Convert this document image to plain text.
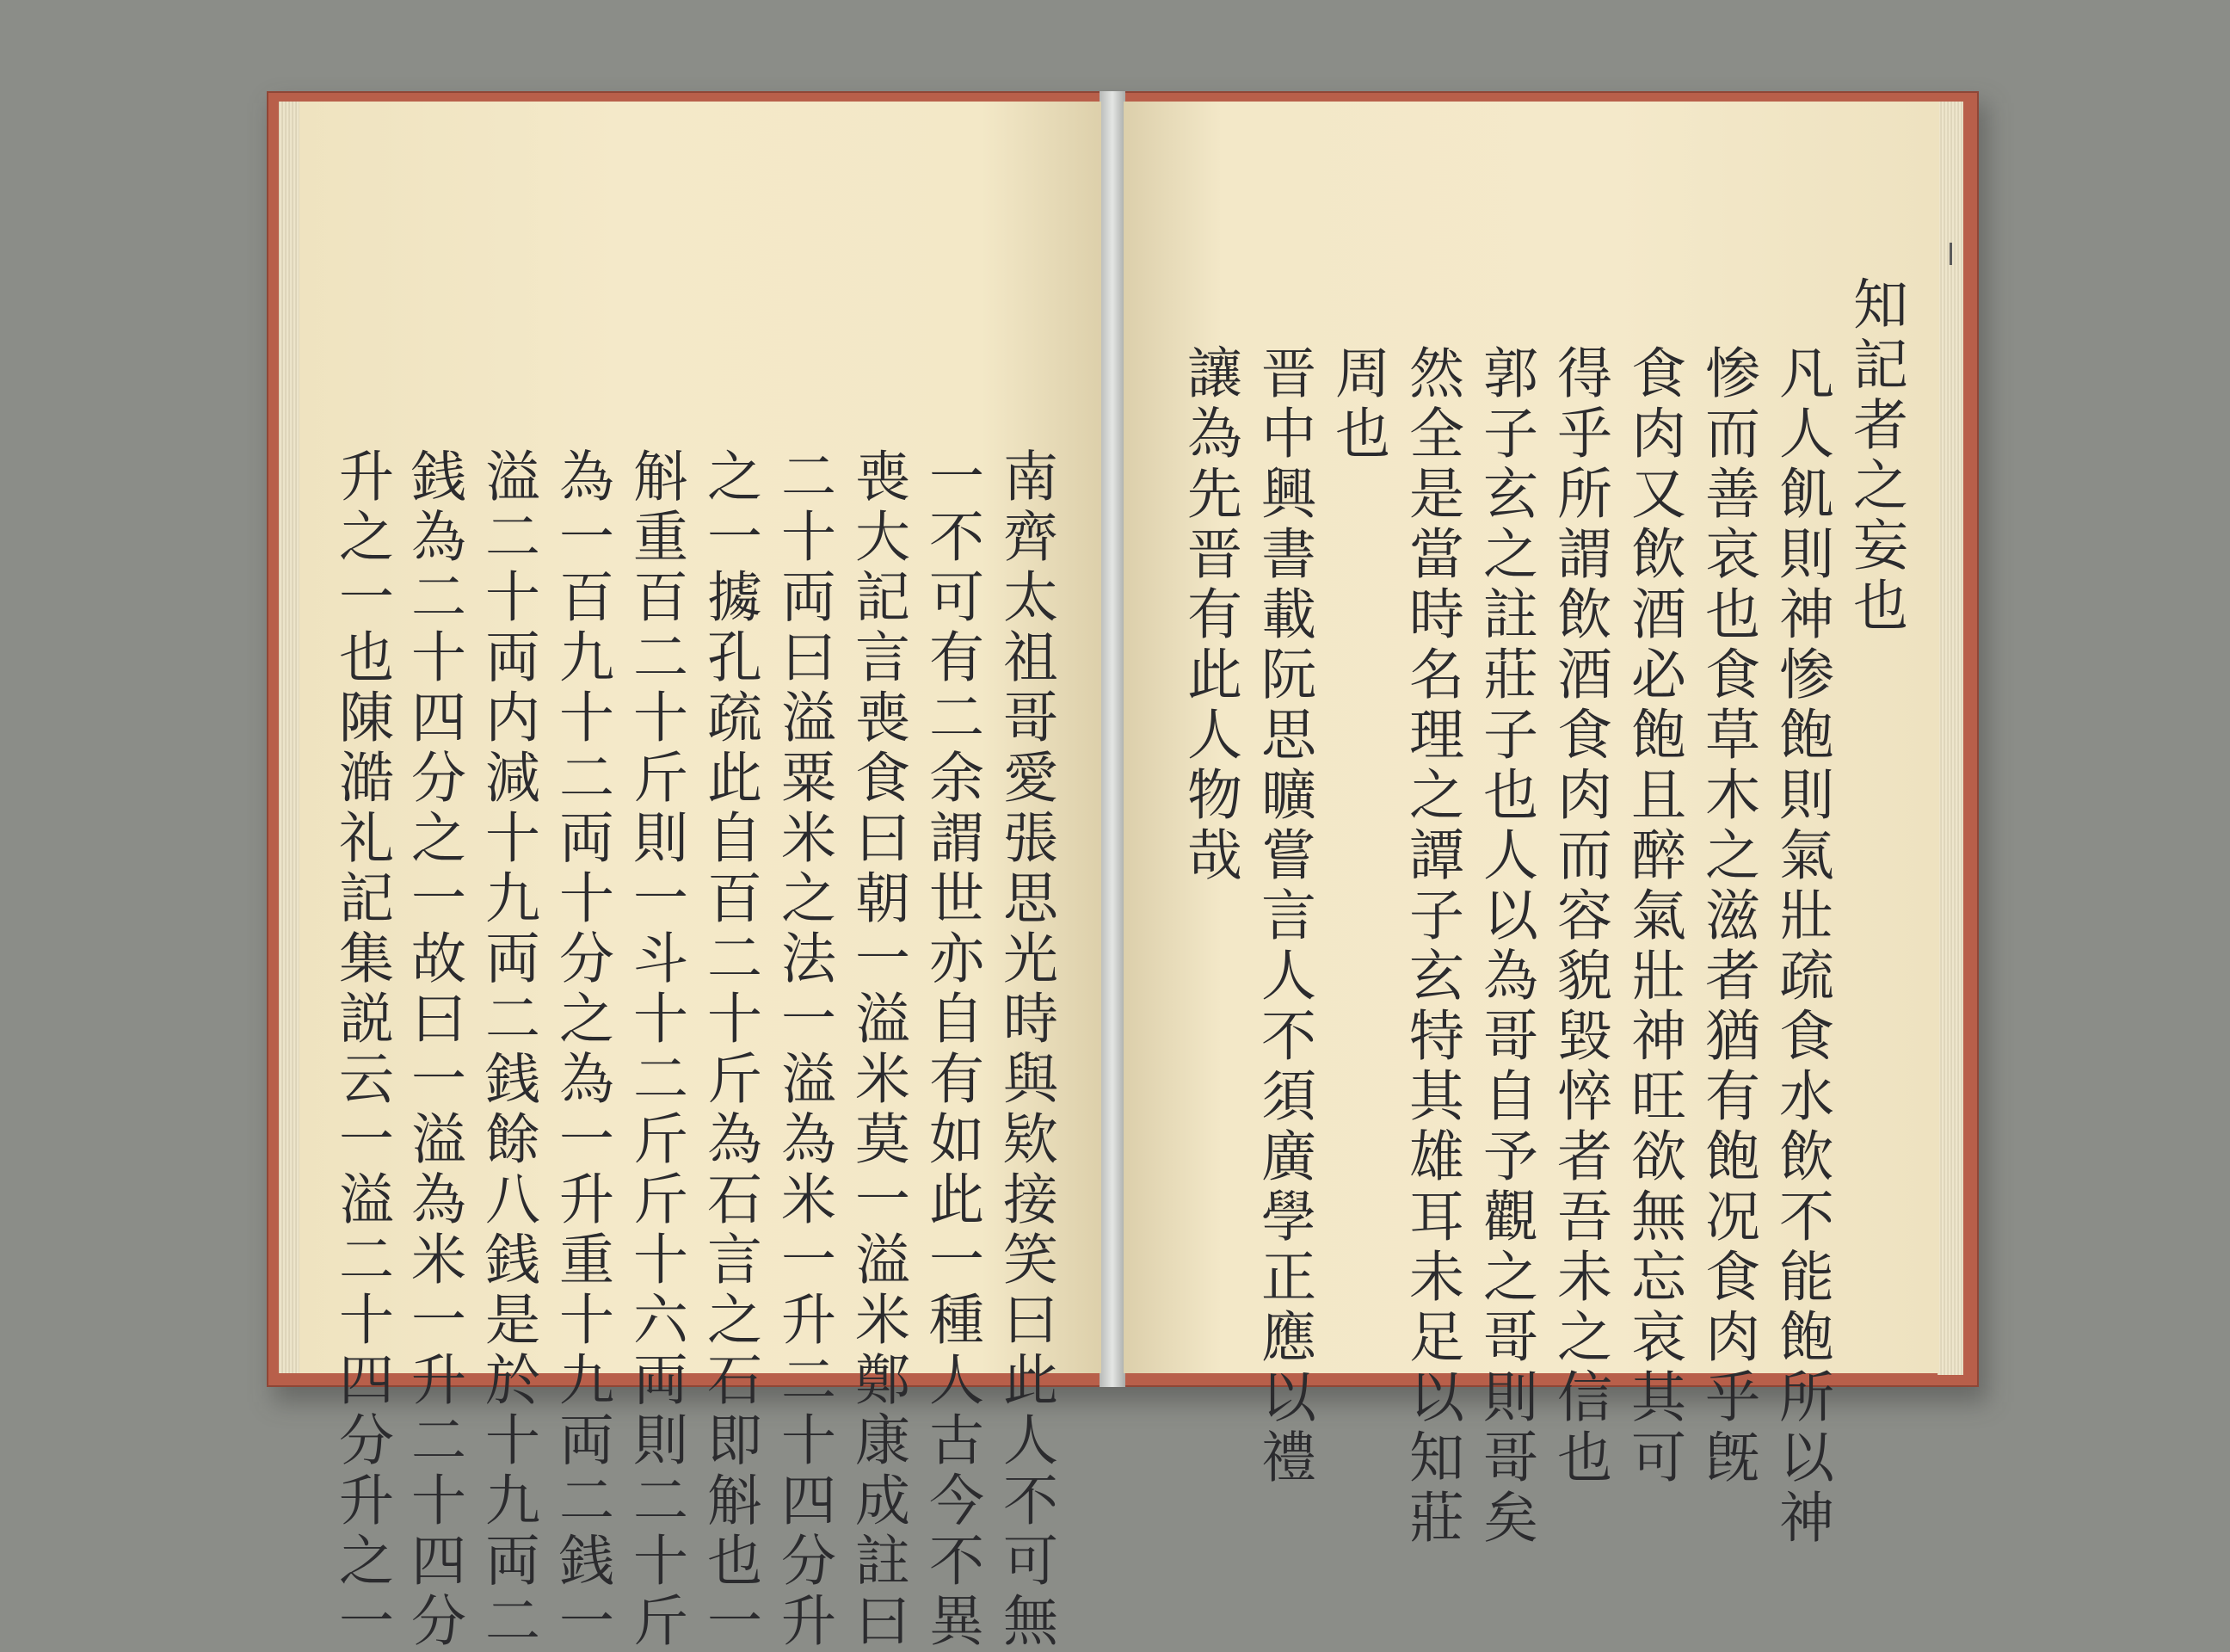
南齊太祖哥愛張思光時與欵接笑曰此人不可無
一不可有二余謂世亦自有如此一種人古今不異
喪大記言喪食曰朝一溢米莫一溢米鄭康成註曰
二十両曰溢粟米之法一溢為米一升二十四分升
之一㩀孔疏此自百二十斤為石言之石即斛也一
斛重百二十斤則一斗十二斤斤十六両則二十斤
為一百九十二両十分之為一升重十九両二銭一
溢二十両内減十九両二銭餘八銭是於十九両二
銭為二十四分之一故曰一溢為米一升二十四分
升之一也陳澔礼記集説云一溢二十四分升之一	知記者之妄也
凡人飢則神惨飽則氣壯疏食水飲不能飽所以神
惨而善哀也食草木之滋者猶有飽况食肉乎旣
食肉又飲酒必飽且醉氣壯神旺欲無忘哀其可
得乎所謂飲酒食肉而容貌毀悴者吾未之信也
郭子玄之註莊子也人以為哥自予觀之哥則哥矣
然全是當時名理之譚子玄特其雄耳未足以知莊
周也
晋中興書載阮思曠嘗言人不須廣學正應以禮
讓為先晋有此人物哉
